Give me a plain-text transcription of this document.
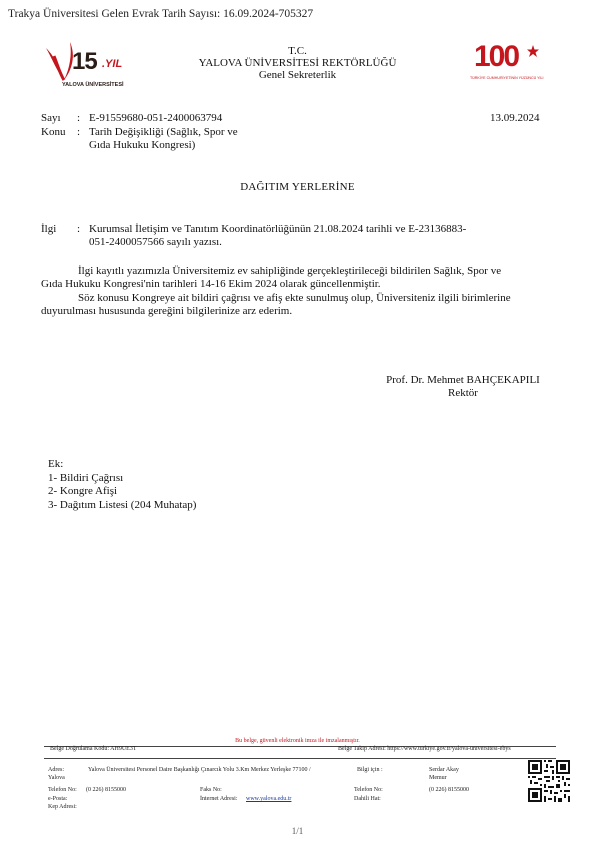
Trakya Üniversitesi Gelen Evrak Tarih Sayısı: 16.09.2024-705327
15 .YIL
YALOVA ÜNİVERSİTESİ
T.C.
YALOVA ÜNİVERSİTESİ REKTÖRLÜĞÜ
Genel Sekreterlik
100
TÜRKİYE CUMHURİYETİNİN YÜZÜNCÜ YILI
Sayı : E-91559680-051-2400063794
Konu : Tarih Değişikliği (Sağlık, Spor ve
Gıda Hukuku Kongresi)
13.09.2024
DAĞITIM YERLERİNE
İlgi : Kurumsal İletişim ve Tanıtım Koordinatörlüğünün 21.08.2024 tarihli ve E-23136883-
051-2400057566 sayılı yazısı.
İlgi kayıtlı yazımızla Üniversitemiz ev sahipliğinde gerçekleştirileceği bildirilen Sağlık, Spor ve
Gıda Hukuku Kongresi'nin tarihleri 14-16 Ekim 2024 olarak güncellenmiştir.
Söz konusu Kongreye ait bildiri çağrısı ve afiş ekte sunulmuş olup, Üniversiteniz ilgili birimlerine
duyurulması hususunda gereğini bilgilerinize arz ederim.
Prof. Dr. Mehmet BAHÇEKAPILI
Rektör
Ek:
1- Bildiri Çağrısı
2- Kongre Afişi
3- Dağıtım Listesi (204 Muhatap)
Bu belge, güvenli elektronik imza ile imzalanmıştır.
Belge Doğrulama Kodu: AH9UE3T	Belge Takip Adresi: https://www.turkiye.gov.tr/yalova-universitesi-ebys
Adres:	Yalova Üniversitesi Personel Daire Başkanlığı Çınarcık Yolu 3.Km Merkez Yerleşke 77100 /
Yalova
Telefon No: (0 226) 8155000	Faks No:
e-Posta:	İnternet Adresi: www.yalova.edu.tr
Kep Adresi:
Bilgi için :	Serdar Akay
Memur
Telefon No:	(0 226) 8155000
Dahili Hat:
1/1
